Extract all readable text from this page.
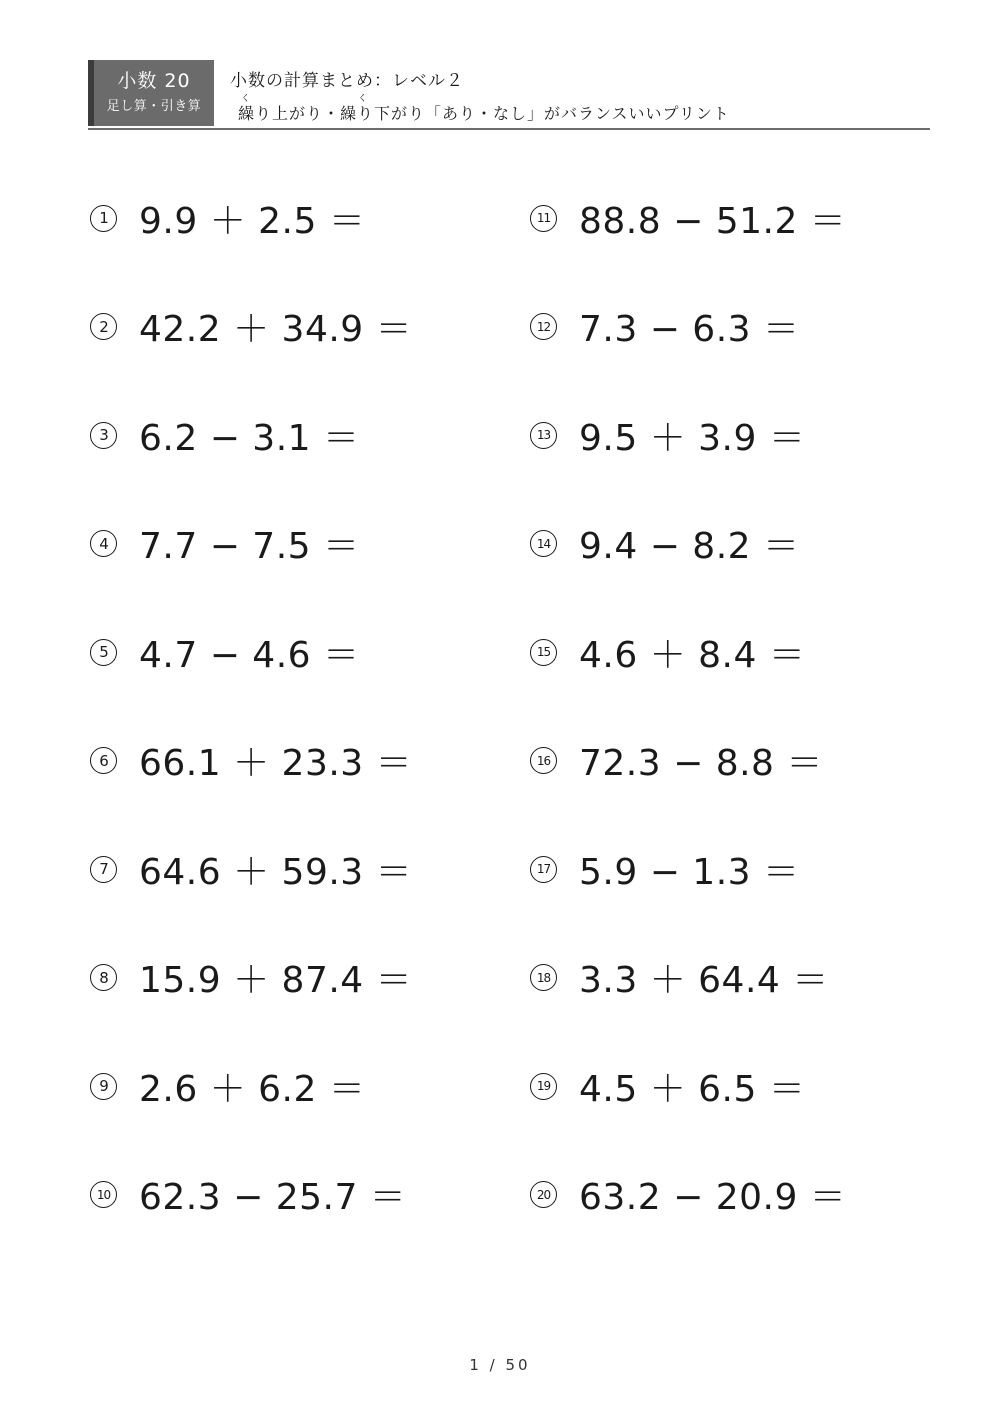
小数 20
足し算・引き算
小数の計算まとめ：レベル２
く	く
繰り上がり・繰り下がり「あり・なし」がバランスいいプリント
1 9.9 ＋ 2.5 ＝
2 42.2 ＋ 34.9 ＝
3 6.2 − 3.1 ＝
4 7.7 − 7.5 ＝
5 4.7 − 4.6 ＝
6 66.1 ＋ 23.3 ＝
7 64.6 ＋ 59.3 ＝
8 15.9 ＋ 87.4 ＝
9 2.6 ＋ 6.2 ＝
10 62.3 − 25.7 ＝
11 88.8 − 51.2 ＝
12 7.3 − 6.3 ＝
13 9.5 ＋ 3.9 ＝
14 9.4 − 8.2 ＝
15 4.6 ＋ 8.4 ＝
16 72.3 − 8.8 ＝
17 5.9 − 1.3 ＝
18 3.3 ＋ 64.4 ＝
19 4.5 ＋ 6.5 ＝
20 63.2 − 20.9 ＝
1 / 50
